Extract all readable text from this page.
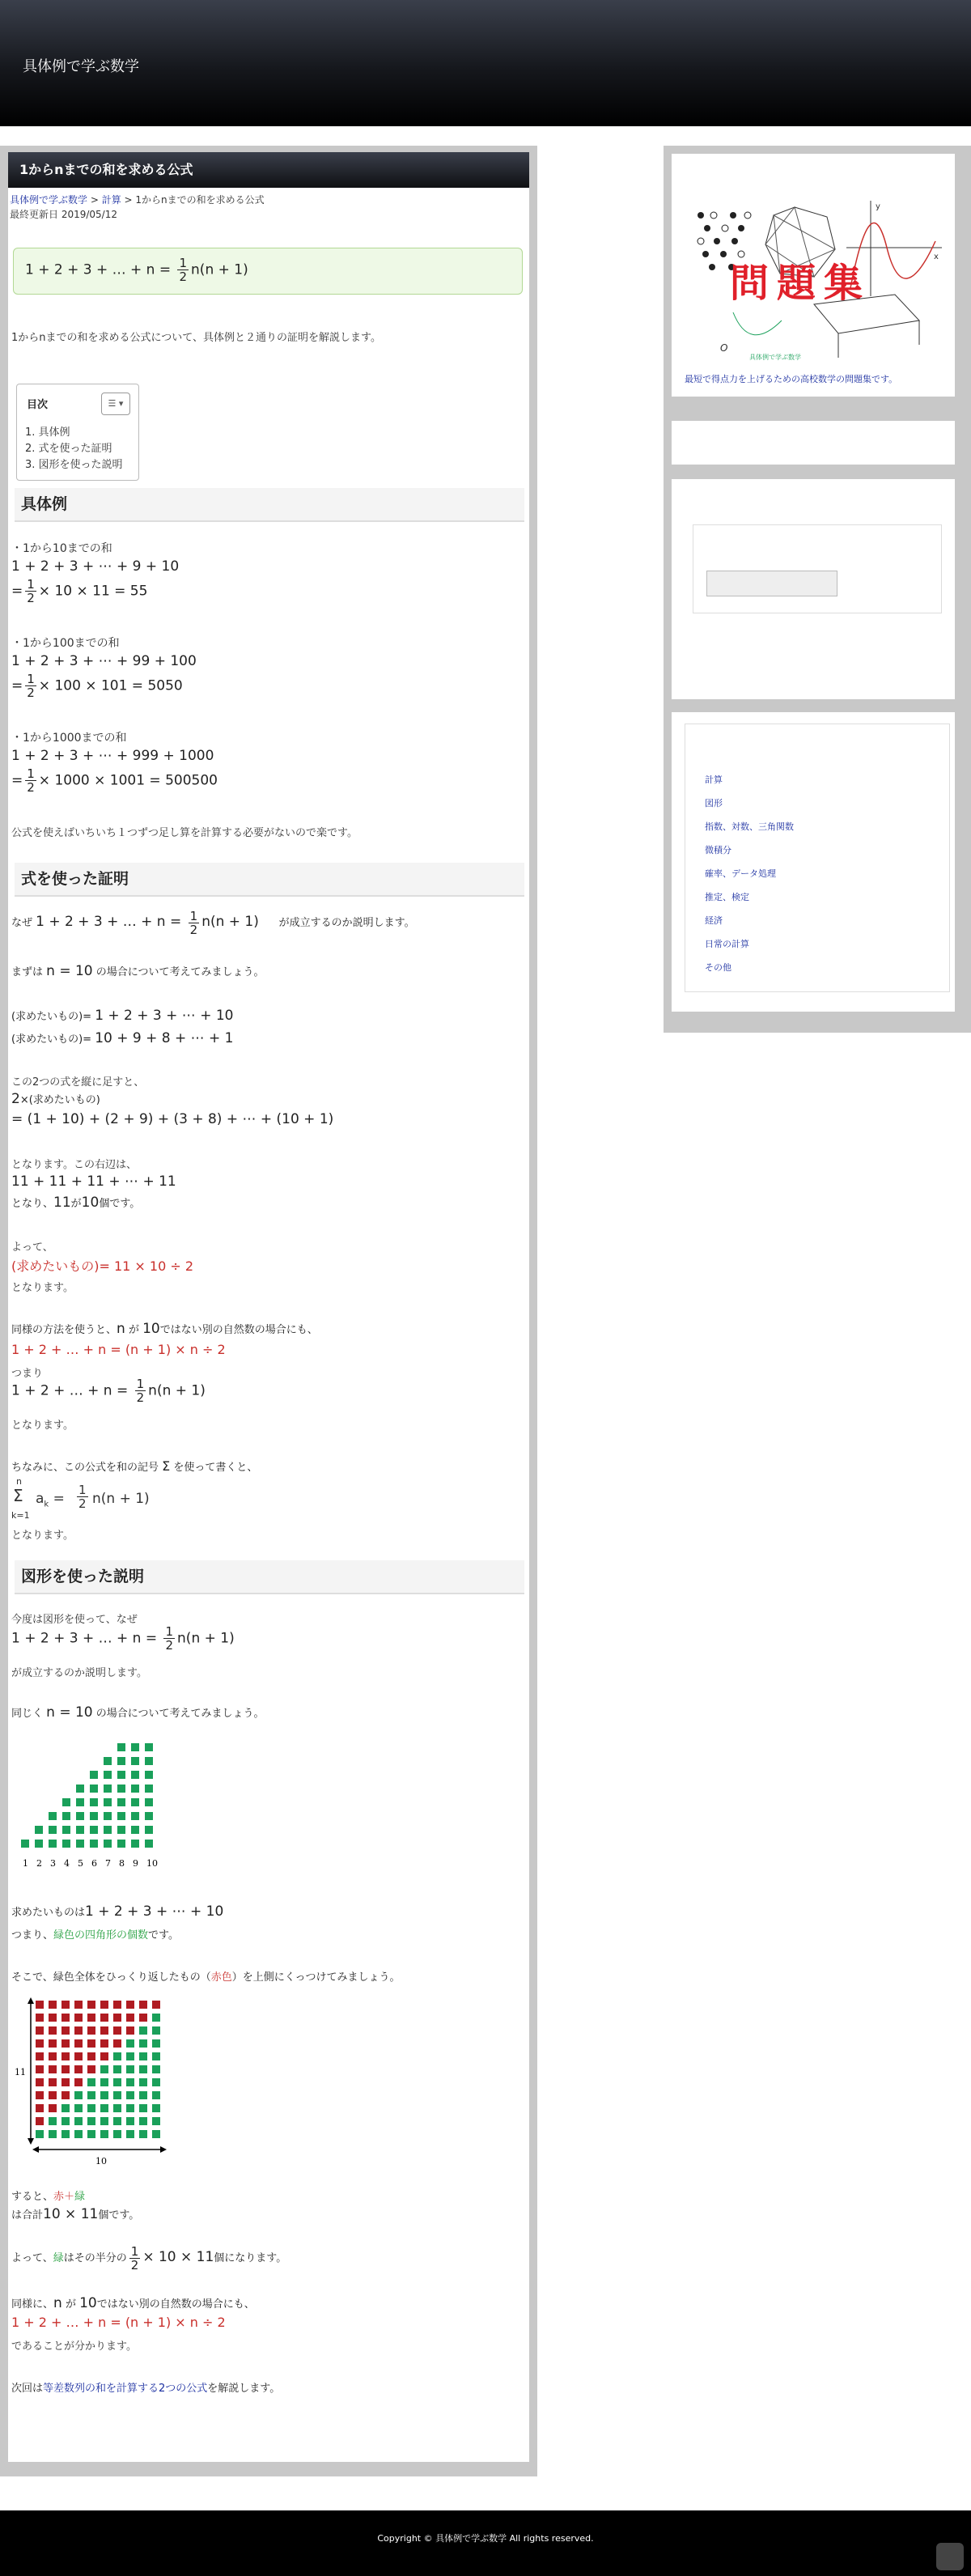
具体例で学ぶ数学
1からnまでの和を求める公式
具体例で学ぶ数学 > 計算 > 1からnまでの和を求める公式
最終更新日 2019/05/12
1 + 2 + 3 + … + $n = \frac{1}{2} n(n + 1)$

1からnまでの和を求める公式について、具体例と２通りの証明を解説します。

目次	☰ ▾
1. 具体例
2. 式を使った証明
3. 図形を使った説明
具体例

・1から10までの和

1 + 2 + 3 + ⋯ + 9 + 10
= $\frac{1}{2} \times 10 \times 11 = 55$

・1から100までの和

1 + 2 + 3 + ⋯ + 99 + 100
= $\frac{1}{2} \times 100 \times 101 = 5050$

・1から1000までの和

1 + 2 + 3 + ⋯ + 999 + 1000
= $\frac{1}{2} \times 1000 \times 1001 = 500500$

公式を使えばいちいち１つずつ足し算を計算する必要がないので楽です。

式を使った証明
なぜ 1 + 2 + 3 + … + $n = \frac{1}{2} n(n + 1)$ が成立するのか説明します。
まずは n = 10 の場合について考えてみましょう。
(求めたいもの)= 1 + 2 + 3 + ⋯ + 10
(求めたいもの)= 10 + 9 + 8 + ⋯ + 1

この2つの式を縦に足すと、

2×(求めたいもの)
= (1 + 10) + (2 + 9) + (3 + 8) + ⋯ + (10 + 1)

となります。この右辺は、

11 + 11 + 11 + ⋯ + 11
となり、11が10個です。

よって、

(求めたいもの)= 11 × 10 ÷ 2

となります。

同様の方法を使うと、n が 10ではない別の自然数の場合にも、
1 + 2 + … + n = (n + 1) × n ÷ 2

つまり

1 + 2 + … + $n = \frac{1}{2} n(n + 1)$

となります。

ちなみに、この公式を和の記号 Σ を使って書くと、
n
Σ
k=1
$a_k = \frac{1}{2} n(n + 1)$

となります。

図形を使った説明

今度は図形を使って、なぜ

1 + 2 + 3 + … + $n = \frac{1}{2} n(n + 1)$

が成立するのか説明します。

同じく n = 10 の場合について考えてみましょう。
1 2 3 4 5 6 7 8 9 10
求めたいものは1 + 2 + 3 + ⋯ + 10
つまり、緑色の四角形の個数です。
そこで、緑色全体をひっくり返したもの（赤色）を上側にくっつけてみましょう。
11
10
すると、赤＋緑
は合計10 × 11個です。
よって、緑はその半分の $\frac{1}{2} \times 10 \times 11$個になります。
同様に、n が 10ではない別の自然数の場合にも、
1 + 2 + … + n = (n + 1) × n ÷ 2

であることが分かります。

次回は等差数列の和を計算する2つの公式を解説します。
y
x
問題集
O
具体例で学ぶ数学
最短で得点力を上げるための高校数学の問題集です。
計算
図形
指数、対数、三角関数
微積分
確率、データ処理
推定、検定
経済
日常の計算
その他
Copyright © 具体例で学ぶ数学 All rights reserved.
